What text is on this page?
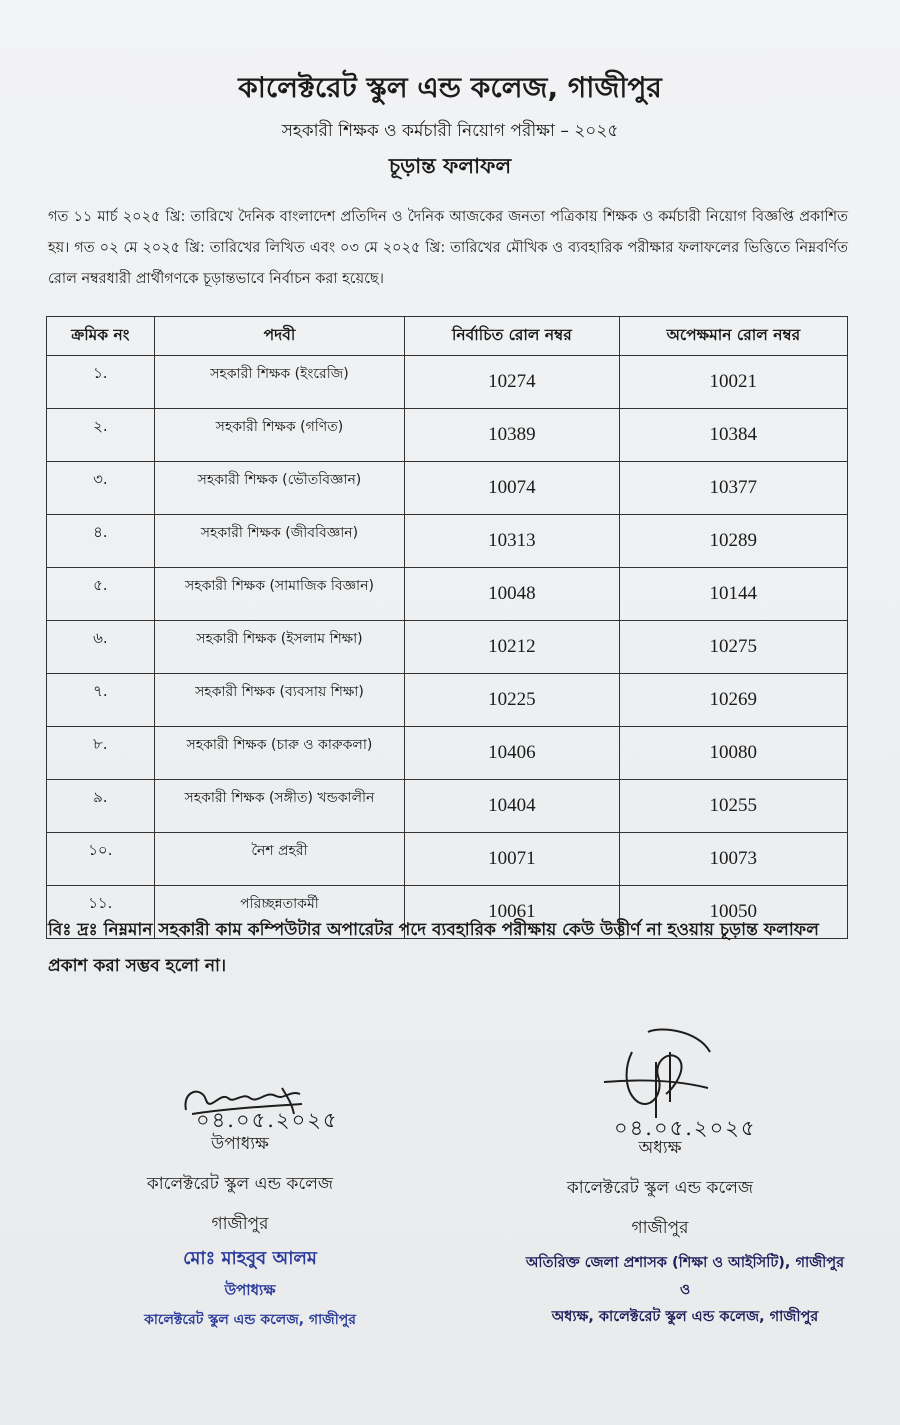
কালেক্টরেট স্কুল এন্ড কলেজ, গাজীপুর
সহকারী শিক্ষক ও কর্মচারী নিয়োগ পরীক্ষা – ২০২৫
চূড়ান্ত ফলাফল
গত ১১ মার্চ ২০২৫ খ্রি: তারিখে দৈনিক বাংলাদেশ প্রতিদিন ও দৈনিক আজকের জনতা পত্রিকায় শিক্ষক ও কর্মচারী নিয়োগ বিজ্ঞপ্তি প্রকাশিত হয়। গত ০২ মে ২০২৫ খ্রি: তারিখের লিখিত এবং ০৩ মে ২০২৫ খ্রি: তারিখের মৌখিক ও ব্যবহারিক পরীক্ষার ফলাফলের ভিত্তিতে নিম্নবর্ণিত রোল নম্বরধারী প্রার্থীগণকে চূড়ান্তভাবে নির্বাচন করা হয়েছে।
ক্রমিক নং	পদবী	নির্বাচিত রোল নম্বর	অপেক্ষমান রোল নম্বর
১.	সহকারী শিক্ষক (ইংরেজি)	10274	10021
২.	সহকারী শিক্ষক (গণিত)	10389	10384
৩.	সহকারী শিক্ষক (ভৌতবিজ্ঞান)	10074	10377
৪.	সহকারী শিক্ষক (জীববিজ্ঞান)	10313	10289
৫.	সহকারী শিক্ষক (সামাজিক বিজ্ঞান)	10048	10144
৬.	সহকারী শিক্ষক (ইসলাম শিক্ষা)	10212	10275
৭.	সহকারী শিক্ষক (ব্যবসায় শিক্ষা)	10225	10269
৮.	সহকারী শিক্ষক (চারু ও কারুকলা)	10406	10080
৯.	সহকারী শিক্ষক (সঙ্গীত) খন্ডকালীন	10404	10255
১০.	নৈশ প্রহরী	10071	10073
১১.	পরিচ্ছন্নতাকর্মী	10061	10050
বিঃ দ্রঃ নিম্নমান সহকারী কাম কম্পিউটার অপারেটর পদে ব্যবহারিক পরীক্ষায় কেউ উত্তীর্ণ না হওয়ায় চূড়ান্ত ফলাফল প্রকাশ করা সম্ভব হলো না।
০৪.০৫.২০২৫
উপাধ্যক্ষ
কালেক্টরেট স্কুল এন্ড কলেজ
গাজীপুর
মোঃ মাহবুব আলম
উপাধ্যক্ষ
কালেক্টরেট স্কুল এন্ড কলেজ, গাজীপুর
০৪.০৫.২০২৫
অধ্যক্ষ
কালেক্টরেট স্কুল এন্ড কলেজ
গাজীপুর
অতিরিক্ত জেলা প্রশাসক (শিক্ষা ও আইসিটি), গাজীপুর
ও
অধ্যক্ষ, কালেক্টরেট স্কুল এন্ড কলেজ, গাজীপুর
